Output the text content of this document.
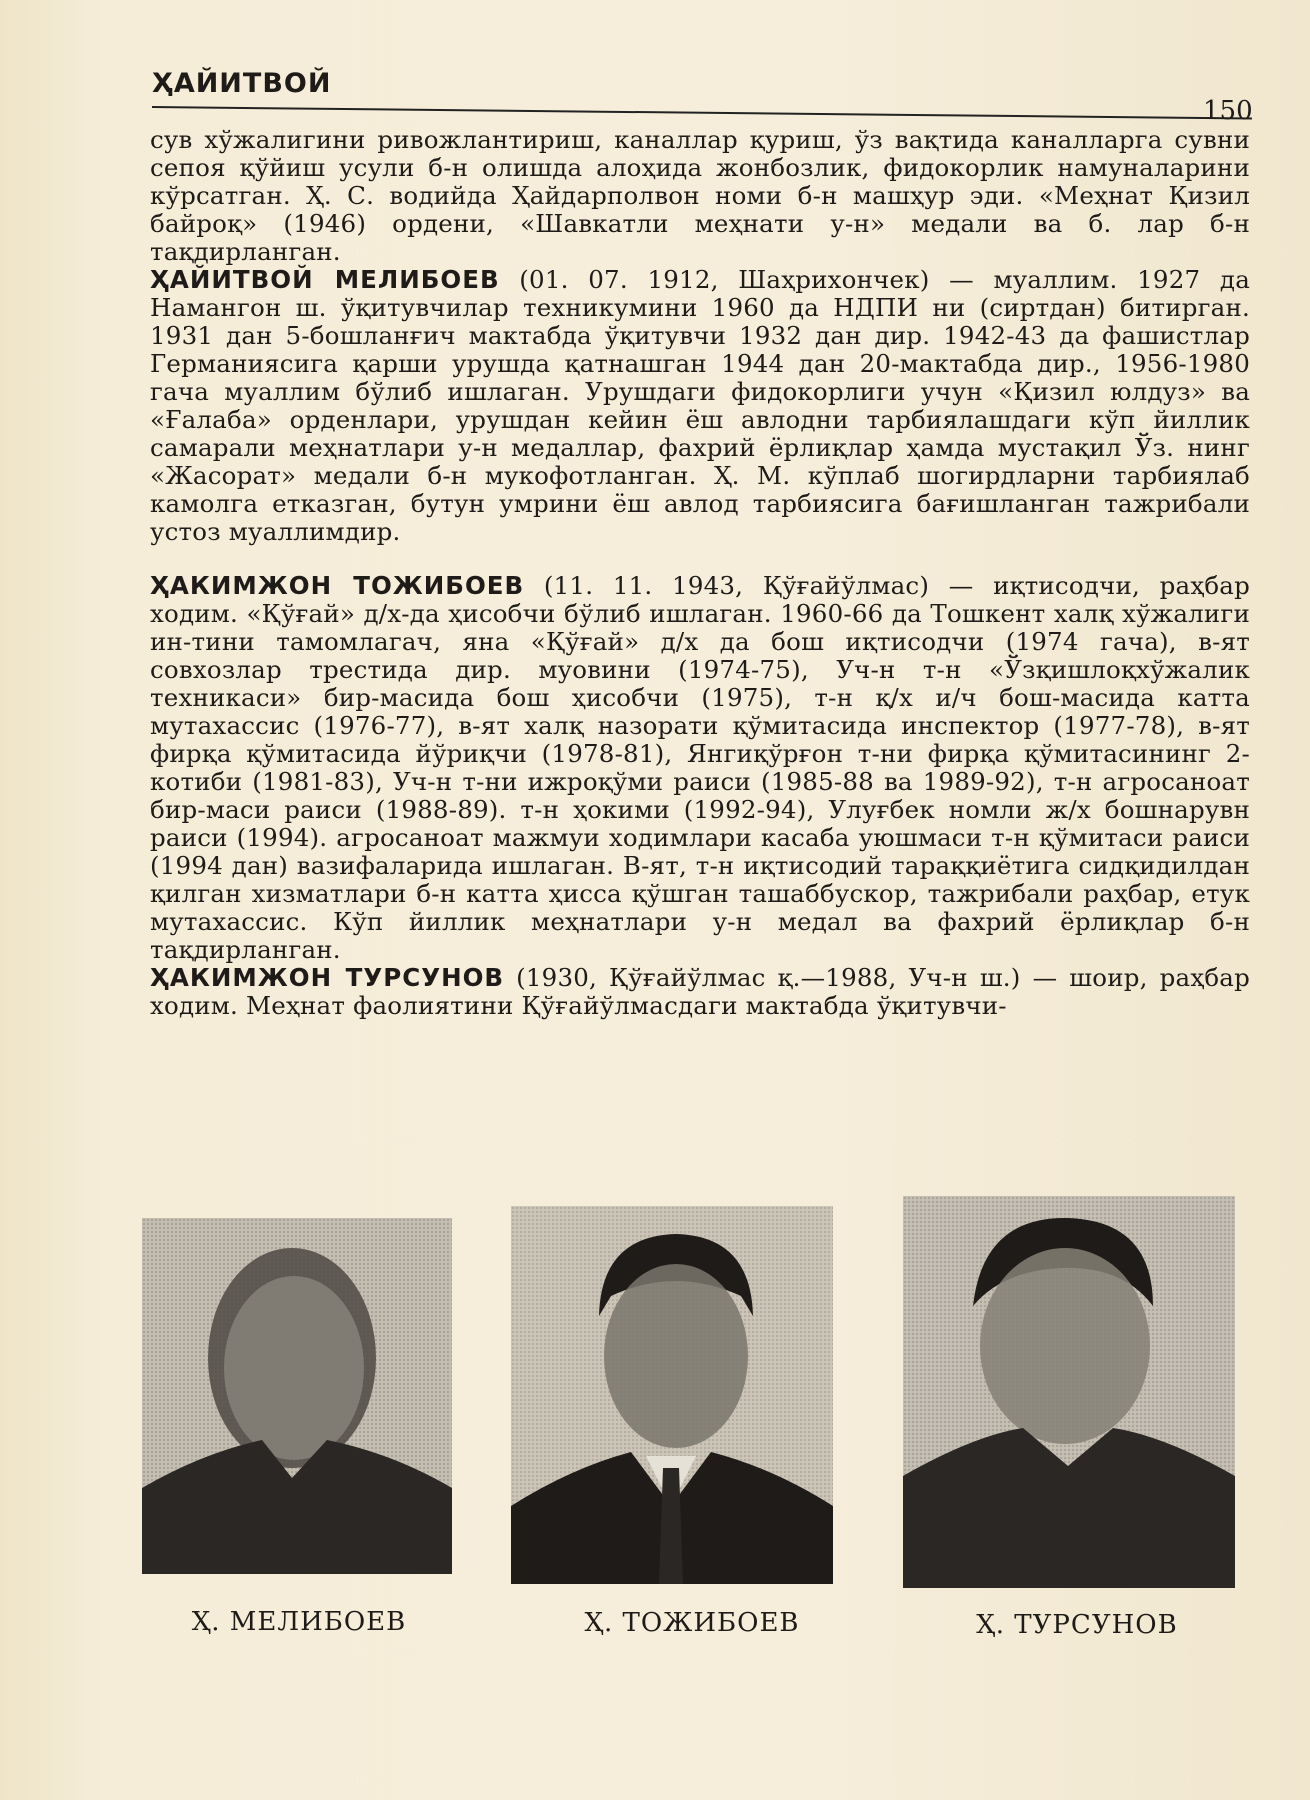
ҲАЙИТВОЙ
150

сув хўжалигини ривожлантириш, каналлар қуриш, ўз вақтида каналларга сувни сепоя қўйиш усули б-н олишда алоҳида жонбозлик, фидокорлик намуналарини кўрсатган. Ҳ. С. водийда Ҳайдарполвон номи б-н машҳур эди. «Меҳнат Қизил байроқ» (1946) ордени, «Шавкатли меҳнати у-н» медали ва б. лар б-н тақдирланган.

ҲАЙИТВОЙ МЕЛИБОЕВ (01. 07. 1912, Шаҳрихончек) — муаллим. 1927 да Намангон ш. ўқитувчилар техникумини 1960 да НДПИ ни (сиртдан) битирган. 1931 дан 5-бошланғич мактабда ўқитувчи 1932 дан дир. 1942-43 да фашистлар Германиясига қарши урушда қатнашган 1944 дан 20-мактабда дир., 1956-1980 гача муаллим бўлиб ишлаган. Урушдаги фидокорлиги учун «Қизил юлдуз» ва «Ғалаба» орденлари, урушдан кейин ёш авлодни тарбиялашдаги кўп йиллик самарали меҳнатлари у-н медаллар, фахрий ёрлиқлар ҳамда мустақил Ўз. нинг «Жасорат» медали б-н мукофотланган. Ҳ. М. кўплаб шогирдларни тарбиялаб камолга етказган, бутун умрини ёш авлод тарбиясига бағишланган тажрибали устоз муаллимдир.

ҲАКИМЖОН ТОЖИБОЕВ (11. 11. 1943, Қўғайўлмас) — иқтисодчи, раҳбар ходим. «Қўғай» д/х-да ҳисобчи бўлиб ишлаган. 1960-66 да Тошкент халқ хўжалиги ин-тини тамомлагач, яна «Қўғай» д/х да бош иқтисодчи (1974 гача), в-ят совхозлар трестида дир. муовини (1974-75), Уч-н т-н «Ўзқишлоқхўжалик техникаси» бир-масида бош ҳисобчи (1975), т-н қ/х и/ч бош-масида катта мутахассис (1976-77), в-ят халқ назорати қўмитасида инспектор (1977-78), в-ят фирқа қўмитасида йўриқчи (1978-81), Янгиқўрғон т-ни фирқа қўмитасининг 2-котиби (1981-83), Уч-н т-ни ижроқўми раиси (1985-88 ва 1989-92), т-н агросаноат бир-маси раиси (1988-89). т-н ҳокими (1992-94), Улуғбек номли ж/х бошнарувн раиси (1994). агросаноат мажмуи ходимлари касаба уюшмаси т-н қўмитаси раиси (1994 дан) вазифаларида ишлаган. В-ят, т-н иқтисодий тараққиётига сидқидилдан қилган хизматлари б-н катта ҳисса қўшган ташаббускор, тажрибали раҳбар, етук мутахассис. Кўп йиллик меҳнатлари у-н медал ва фахрий ёрлиқлар б-н тақдирланган.

ҲАКИМЖОН ТУРСУНОВ (1930, Қўғайўлмас қ.—1988, Уч-н ш.) — шоир, раҳбар ходим. Меҳнат фаолиятини Қўғайўлмасдаги мактабда ўқитувчи-

Ҳ. МЕЛИБОЕВ	Ҳ. ТОЖИБОЕВ	Ҳ. ТУРСУНОВ
